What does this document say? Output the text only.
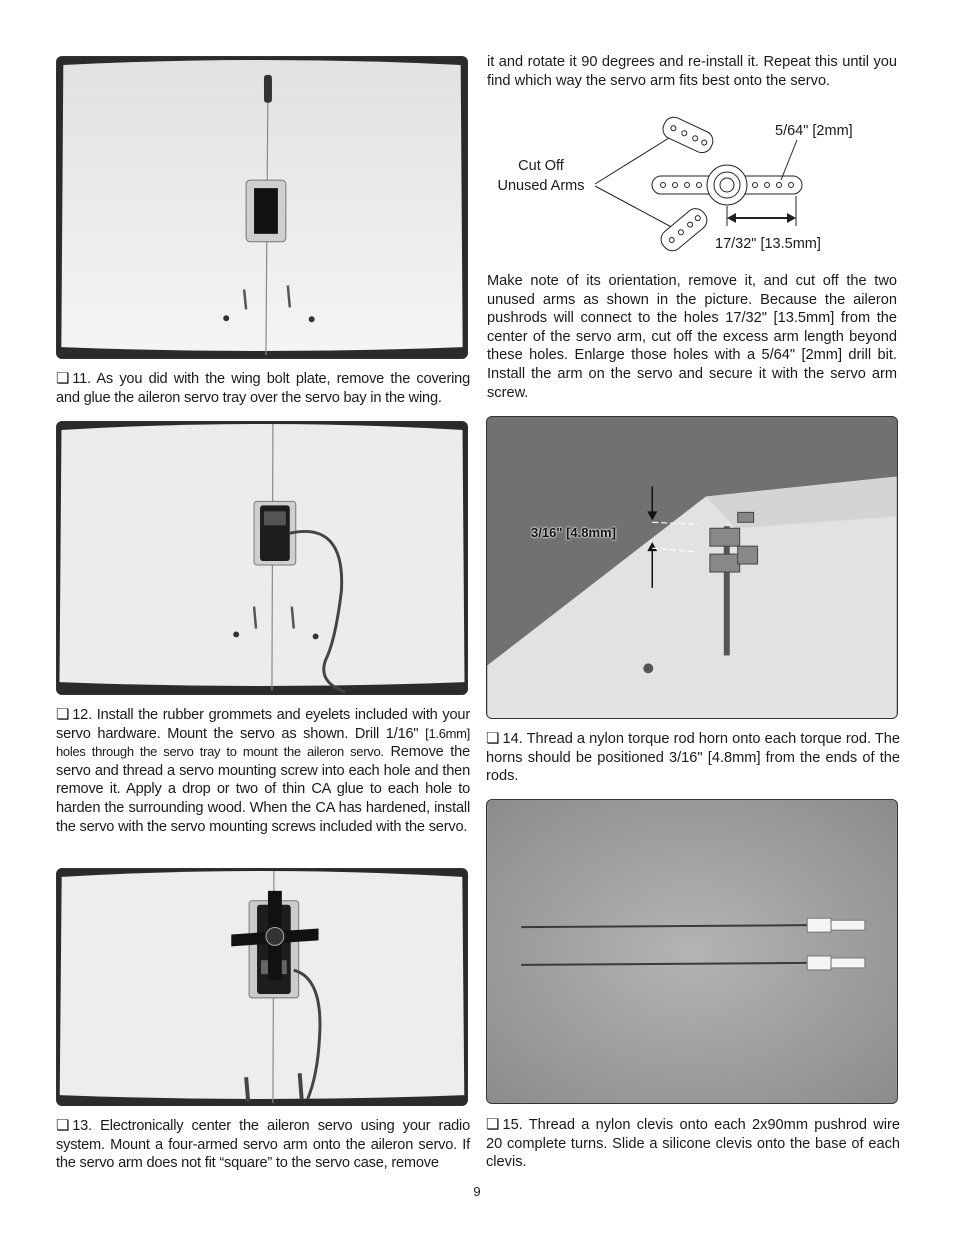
❏ 11. As you did with the wing bolt plate, remove the covering and glue the aileron servo tray over the servo bay in the wing.

❏ 12. Install the rubber grommets and eyelets included with your servo hardware. Mount the servo as shown. Drill 1/16" [1.6mm] holes through the servo tray to mount the aileron servo. Remove the servo and thread a servo mounting screw into each hole and then remove it. Apply a drop or two of thin CA glue to each hole to harden the surrounding wood. When the CA has hardened, install the servo with the servo mounting screws included with the servo.

❏ 13. Electronically center the aileron servo using your radio system. Mount a four-armed servo arm onto the aileron servo. If the servo arm does not fit “square” to the servo case, remove

it and rotate it 90 degrees and re-install it. Repeat this until you find which way the servo arm fits best onto the servo.

Cut Off
Unused Arms
5/64" [2mm]
17/32" [13.5mm]

Make note of its orientation, remove it, and cut off the two unused arms as shown in the picture. Because the aileron pushrods will connect to the holes 17/32" [13.5mm] from the center of the servo arm, cut off the excess arm length beyond these holes. Enlarge those holes with a 5/64" [2mm] drill bit. Install the arm on the servo and secure it with the servo arm screw.

3/16" [4.8mm]

❏ 14. Thread a nylon torque rod horn onto each torque rod. The horns should be positioned 3/16" [4.8mm] from the ends of the rods.

❏ 15. Thread a nylon clevis onto each 2x90mm pushrod wire 20 complete turns. Slide a silicone clevis onto the base of each clevis.

9
